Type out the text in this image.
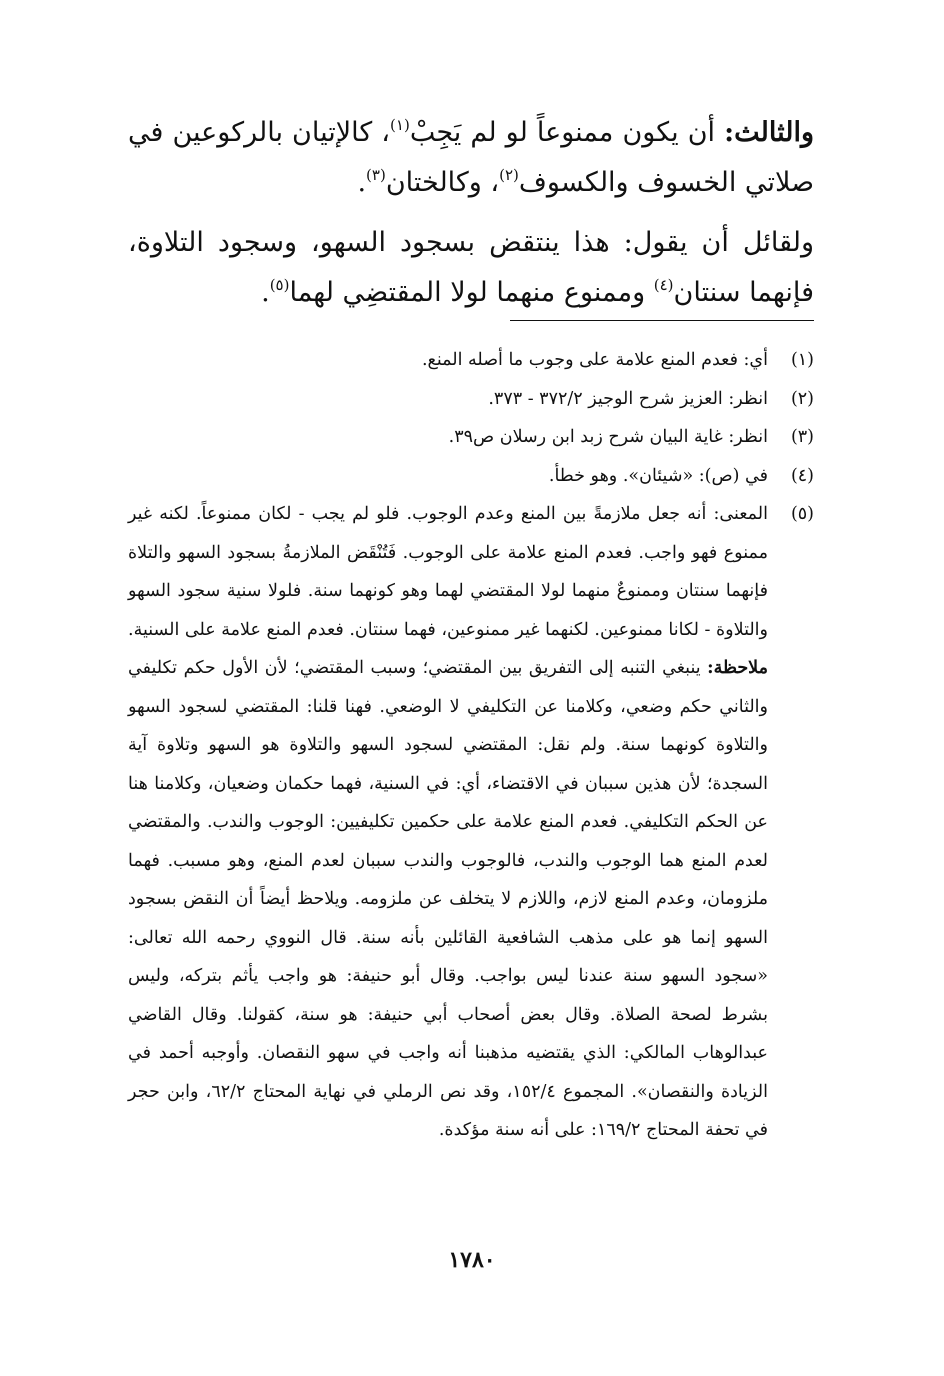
والثالث: أن يكون ممنوعاً لو لم يَجِبْ$^{(١)}$، كالإتيان بالركوعين في صلاتي الخسوف والكسوف$^{(٢)}$، وكالختان$^{(٣)}$.

ولقائل أن يقول: هذا ينتقض بسجود السهو، وسجود التلاوة، فإنهما سنتان$^{(٤)}$ وممنوع منهما لولا المقتضِي لهما$^{(٥)}$.

(١)
أي: فعدم المنع علامة على وجوب ما أصله المنع.
(٢)
انظر: العزيز شرح الوجيز ٣٧٢/٢ - ٣٧٣.
(٣)
انظر: غاية البيان شرح زبد ابن رسلان ص٣٩.
(٤)
في (ص): «شيئان». وهو خطأ.
(٥)
المعنى: أنه جعل ملازمةً بين المنع وعدم الوجوب. فلو لم يجب - لكان ممنوعاً. لكنه غير ممنوع فهو واجب. فعدم المنع علامة على الوجوب. فَتُنْقَض الملازمةُ بسجود السهو والتلاة فإنهما سنتان وممنوعٌ منهما لولا المقتضي لهما وهو كونهما سنة. فلولا سنية سجود السهو والتلاوة - لكانا ممنوعين. لكنهما غير ممنوعين، فهما سنتان. فعدم المنع علامة على السنية. ملاحظة: ينبغي التنبه إلى التفريق بين المقتضي؛ وسبب المقتضي؛ لأن الأول حكم تكليفي والثاني حكم وضعي، وكلامنا عن التكليفي لا الوضعي. فهنا قلنا: المقتضي لسجود السهو والتلاوة كونهما سنة. ولم نقل: المقتضي لسجود السهو والتلاوة هو السهو وتلاوة آية السجدة؛ لأن هذين سببان في الاقتضاء، أي: في السنية، فهما حكمان وضعيان، وكلامنا هنا عن الحكم التكليفي. فعدم المنع علامة على حكمين تكليفيين: الوجوب والندب. والمقتضي لعدم المنع هما الوجوب والندب، فالوجوب والندب سببان لعدم المنع، وهو مسبب. فهما ملزومان، وعدم المنع لازم، واللازم لا يتخلف عن ملزومه. ويلاحظ أيضاً أن النقض بسجود السهو إنما هو على مذهب الشافعية القائلين بأنه سنة. قال النووي رحمه الله تعالى: «سجود السهو سنة عندنا ليس بواجب. وقال أبو حنيفة: هو واجب يأثم بتركه، وليس بشرط لصحة الصلاة. وقال بعض أصحاب أبي حنيفة: هو سنة، كقولنا. وقال القاضي عبدالوهاب المالكي: الذي يقتضيه مذهبنا أنه واجب في سهو النقصان. وأوجبه أحمد في الزيادة والنقصان». المجموع ١٥٢/٤، وقد نص الرملي في نهاية المحتاج ٦٢/٢، وابن حجر في تحفة المحتاج ١٦٩/٢: على أنه سنة مؤكدة.
١٧٨٠
